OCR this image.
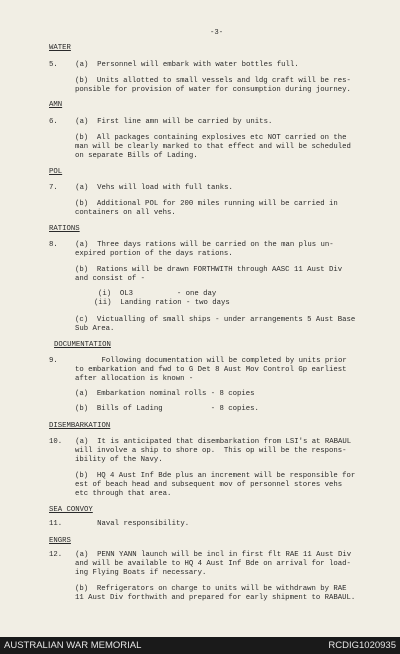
-3-
WATER
5.    (a)  Personnel will embark with water bottles full.
(b)  Units allotted to small vessels and ldg craft will be res-
ponsible for provision of water for consumption during journey.
AMN
6.    (a)  First line amn will be carried by units.
(b)  All packages containing explosives etc NOT carried on the
man will be clearly marked to that effect and will be scheduled
on separate Bills of Lading.
POL
7.    (a)  Vehs will load with full tanks.
(b)  Additional POL for 200 miles running will be carried in
containers on all vehs.
RATIONS
8.    (a)  Three days rations will be carried on the man plus un-
expired portion of the days rations.
(b)  Rations will be drawn FORTHWITH through AASC 11 Aust Div
and consist of -
(i)  OL3          - one day
(ii)  Landing ration - two days
(c)  Victualling of small ships - under arrangements 5 Aust Base
Sub Area.
DOCUMENTATION
9.          Following documentation will be completed by units prior
to embarkation and fwd to G Det 8 Aust Mov Control Gp earliest
after allocation is known -
(a)  Embarkation nominal rolls - 8 copies
(b)  Bills of Lading           - 8 copies.
DISEMBARKATION
10.   (a)  It is anticipated that disembarkation from LSI's at RABAUL
will involve a ship to shore op.  This op will be the respons-
ibility of the Navy.
(b)  HQ 4 Aust Inf Bde plus an increment will be responsible for
est of beach head and subsequent mov of personnel stores vehs
etc through that area.
SEA CONVOY
11.        Naval responsibility.
ENGRS
12.   (a)  PENN YANN launch will be incl in first flt RAE 11 Aust Div
and will be available to HQ 4 Aust Inf Bde on arrival for load-
ing Flying Boats if necessary.
(b)  Refrigerators on charge to units will be withdrawn by RAE
11 Aust Div forthwith and prepared for early shipment to RABAUL.
AUSTRALIAN WAR MEMORIAL	RCDIG1020935
